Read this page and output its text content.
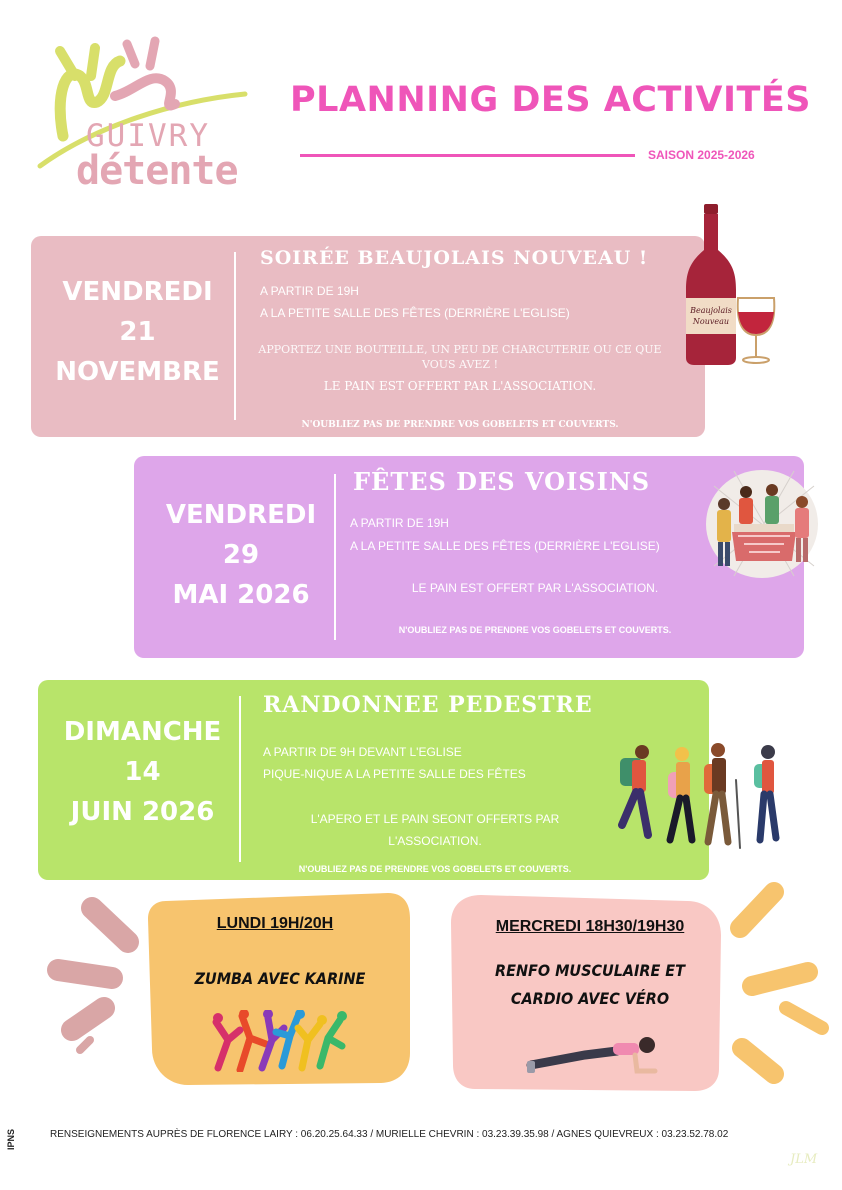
GUIVRY
détente
PLANNING DES ACTIVITÉS
SAISON 2025-2026
VENDREDI
21
NOVEMBRE
SOIRÉE BEAUJOLAIS NOUVEAU !
A PARTIR DE 19H
A LA PETITE SALLE DES FÊTES (DERRIÈRE L'EGLISE)
APPORTEZ UNE BOUTEILLE, UN PEU DE CHARCUTERIE OU CE QUE
VOUS AVEZ !
LE PAIN EST OFFERT PAR L'ASSOCIATION.
N'OUBLIEZ PAS DE PRENDRE VOS GOBELETS ET COUVERTS.
Beaujolais
Nouveau
VENDREDI
29
MAI 2026
FÊTES DES VOISINS
A PARTIR DE 19H
A LA PETITE SALLE DES FÊTES (DERRIÈRE L'EGLISE)
LE PAIN EST OFFERT PAR L'ASSOCIATION.
N'OUBLIEZ PAS DE PRENDRE VOS GOBELETS ET COUVERTS.
DIMANCHE
14
JUIN 2026
RANDONNEE PEDESTRE
A PARTIR DE 9H DEVANT L'EGLISE
PIQUE-NIQUE A LA PETITE SALLE DES FÊTES
L'APERO ET LE PAIN SEONT OFFERTS PAR
L'ASSOCIATION.
N'OUBLIEZ PAS DE PRENDRE VOS GOBELETS ET COUVERTS.
LUNDI 19H/20H
ZUMBA AVEC KARINE
MERCREDI 18H30/19H30
RENFO MUSCULAIRE ET
CARDIO AVEC VÉRO
RENSEIGNEMENTS AUPRÈS DE FLORENCE LAIRY : 06.20.25.64.33 / MURIELLE CHEVRIN : 03.23.39.35.98 / AGNES QUIEVREUX : 03.23.52.78.02
IPNS
JLM
